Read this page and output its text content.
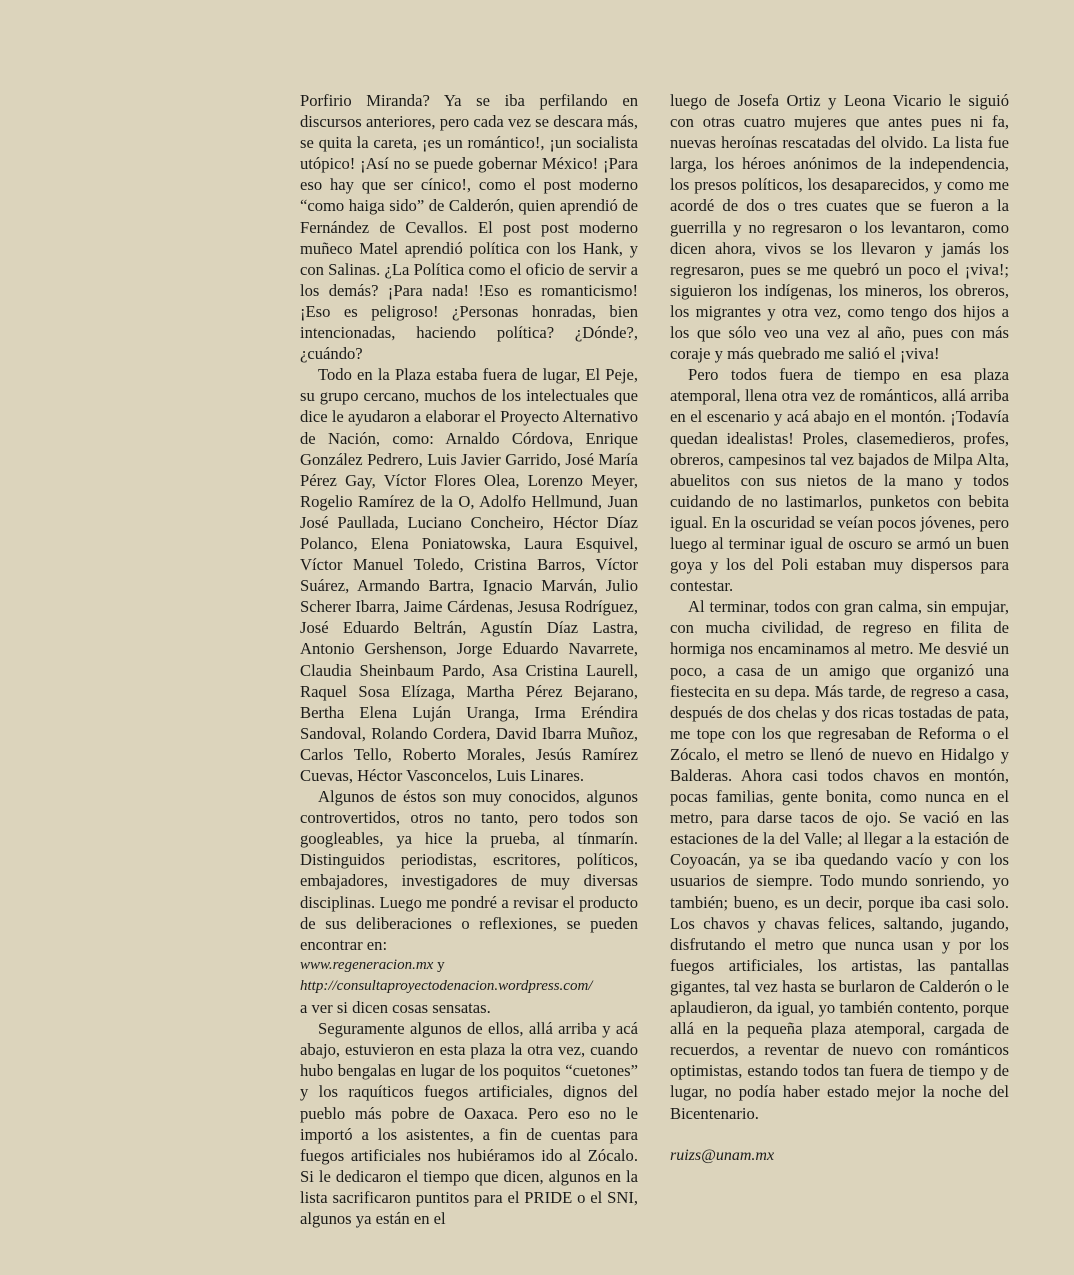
Porfirio Miranda? Ya se iba perfilando en discursos anteriores, pero cada vez se descara más, se quita la careta, ¡es un romántico!, ¡un socialista utópico! ¡Así no se puede gobernar México! ¡Para eso hay que ser cínico!, como el post moderno “como haiga sido” de Calderón, quien aprendió de Fernández de Cevallos. El post post moderno muñeco Matel aprendió política con los Hank, y con Salinas. ¿La Política como el oficio de servir a los demás? ¡Para nada! !Eso es romanticismo! ¡Eso es peligroso! ¿Personas honradas, bien intencionadas, haciendo política? ¿Dónde?, ¿cuándo?

Todo en la Plaza estaba fuera de lugar, El Peje, su grupo cercano, muchos de los intelectuales que dice le ayudaron a elaborar el Proyecto Alternativo de Nación, como: Arnaldo Córdova, Enrique González Pedrero, Luis Javier Garrido, José María Pérez Gay, Víctor Flores Olea, Lorenzo Meyer, Rogelio Ramírez de la O, Adolfo Hellmund, Juan José Paullada, Luciano Concheiro, Héctor Díaz Polanco, Elena Poniatowska, Laura Esquivel, Víctor Manuel Toledo, Cristina Barros, Víctor Suárez, Armando Bartra, Ignacio Marván, Julio Scherer Ibarra, Jaime Cárdenas, Jesusa Rodríguez, José Eduardo Beltrán, Agustín Díaz Lastra, Antonio Gershenson, Jorge Eduardo Navarrete, Claudia Sheinbaum Pardo, Asa Cristina Laurell, Raquel Sosa Elízaga, Martha Pérez Bejarano, Bertha Elena Luján Uranga, Irma Eréndira Sandoval, Rolando Cordera, David Ibarra Muñoz, Carlos Tello, Roberto Morales, Jesús Ramírez Cuevas, Héctor Vasconcelos, Luis Linares.

Algunos de éstos son muy conocidos, algunos controvertidos, otros no tanto, pero todos son googleables, ya hice la prueba, al tínmarín. Distinguidos periodistas, escritores, políticos, embajadores, investigadores de muy diversas disciplinas. Luego me pondré a revisar el producto de sus deliberaciones o reflexiones, se pueden encontrar en:

www.regeneracion.mx y

http://consultaproyectodenacion.wordpress.com/

a ver si dicen cosas sensatas.

Seguramente algunos de ellos, allá arriba y acá abajo, estuvieron en esta plaza la otra vez, cuando hubo bengalas en lugar de los poquitos “cuetones” y los raquíticos fuegos artificiales, dignos del pueblo más pobre de Oaxaca. Pero eso no le importó a los asistentes, a fin de cuentas para fuegos artificiales nos hubiéramos ido al Zócalo. Si le dedicaron el tiempo que dicen, algunos en la lista sacrificaron puntitos para el PRIDE o el SNI, algunos ya están en el

luego de Josefa Ortiz y Leona Vicario le siguió con otras cuatro mujeres que antes pues ni fa, nuevas heroínas rescatadas del olvido. La lista fue larga, los héroes anónimos de la independencia, los presos políticos, los desaparecidos, y como me acordé de dos o tres cuates que se fueron a la guerrilla y no regresaron o los levantaron, como dicen ahora, vivos se los llevaron y jamás los regresaron, pues se me quebró un poco el ¡viva!; siguieron los indígenas, los mineros, los obreros, los migrantes y otra vez, como tengo dos hijos a los que sólo veo una vez al año, pues con más coraje y más quebrado me salió el ¡viva!

Pero todos fuera de tiempo en esa plaza atemporal, llena otra vez de románticos, allá arriba en el escenario y acá abajo en el montón. ¡Todavía quedan idealistas! Proles, clasemedieros, profes, obreros, campesinos tal vez bajados de Milpa Alta, abuelitos con sus nietos de la mano y todos cuidando de no lastimarlos, punketos con bebita igual. En la oscuridad se veían pocos jóvenes, pero luego al terminar igual de oscuro se armó un buen goya y los del Poli estaban muy dispersos para contestar.

Al terminar, todos con gran calma, sin empujar, con mucha civilidad, de regreso en filita de hormiga nos encaminamos al metro. Me desvié un poco, a casa de un amigo que organizó una fiestecita en su depa. Más tarde, de regreso a casa, después de dos chelas y dos ricas tostadas de pata, me tope con los que regresaban de Reforma o el Zócalo, el metro se llenó de nuevo en Hidalgo y Balderas. Ahora casi todos chavos en montón, pocas familias, gente bonita, como nunca en el metro, para darse tacos de ojo. Se vació en las estaciones de la del Valle; al llegar a la estación de Coyoacán, ya se iba quedando vacío y con los usuarios de siempre. Todo mundo sonriendo, yo también; bueno, es un decir, porque iba casi solo. Los chavos y chavas felices, saltando, jugando, disfrutando el metro que nunca usan y por los fuegos artificiales, los artistas, las pantallas gigantes, tal vez hasta se burlaron de Calderón o le aplaudieron, da igual, yo también contento, porque allá en la pequeña plaza atemporal, cargada de recuerdos, a reventar de nuevo con románticos optimistas, estando todos tan fuera de tiempo y de lugar, no podía haber estado mejor la noche del Bicentenario.

ruizs@unam.mx
